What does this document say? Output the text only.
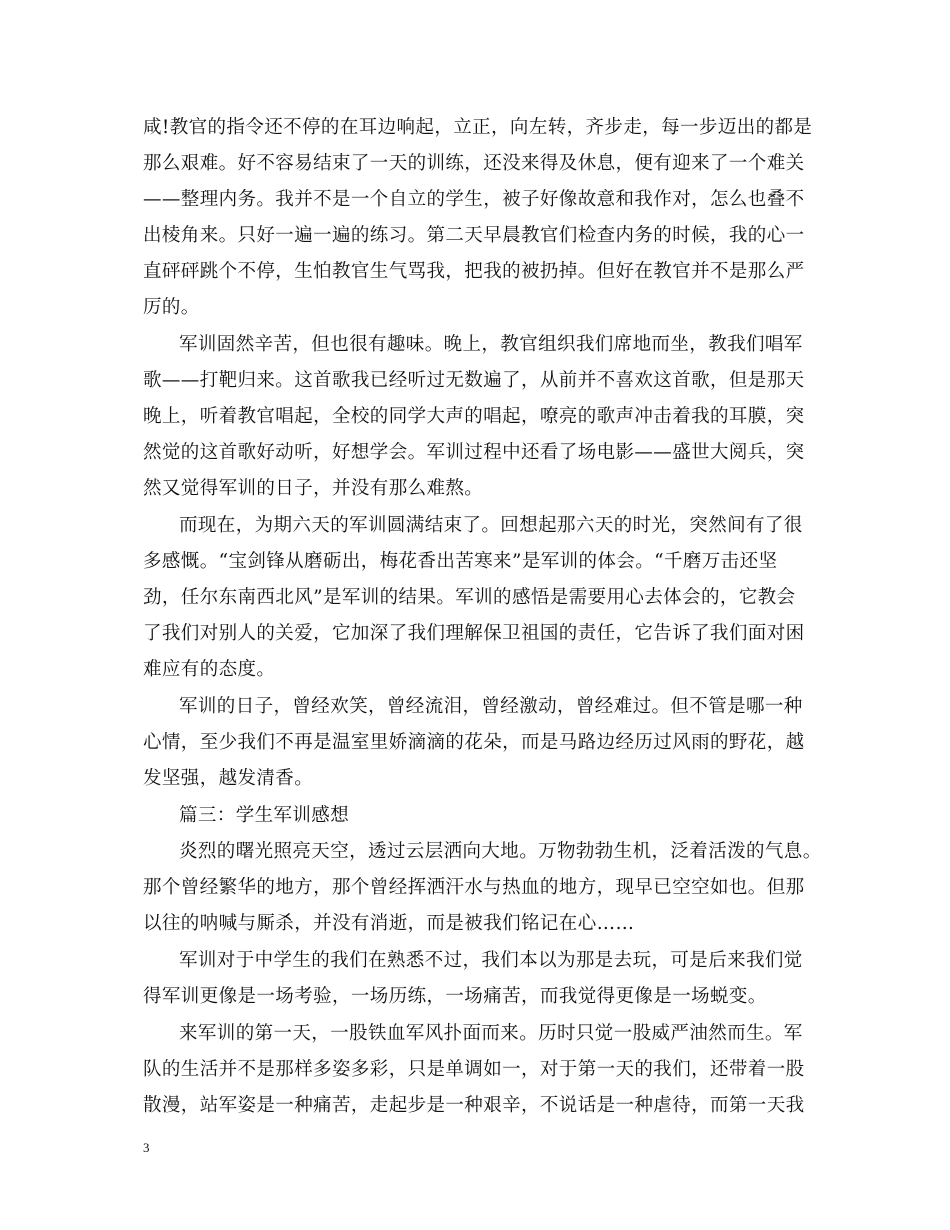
咸!教官的指令还不停的在耳边响起，立正，向左转，齐步走，每一步迈出的都是
那么艰难。好不容易结束了一天的训练，还没来得及休息，便有迎来了一个难关
——整理内务。我并不是一个自立的学生，被子好像故意和我作对，怎么也叠不
出棱角来。只好一遍一遍的练习。第二天早晨教官们检查内务的时候，我的心一
直砰砰跳个不停，生怕教官生气骂我，把我的被扔掉。但好在教官并不是那么严
厉的。
军训固然辛苦，但也很有趣味。晚上，教官组织我们席地而坐，教我们唱军
歌——打靶归来。这首歌我已经听过无数遍了，从前并不喜欢这首歌，但是那天
晚上，听着教官唱起，全校的同学大声的唱起，嘹亮的歌声冲击着我的耳膜，突
然觉的这首歌好动听，好想学会。军训过程中还看了场电影——盛世大阅兵，突
然又觉得军训的日子，并没有那么难熬。
而现在，为期六天的军训圆满结束了。回想起那六天的时光，突然间有了很
多感慨。“宝剑锋从磨砺出，梅花香出苦寒来”是军训的体会。“千磨万击还坚
劲，任尔东南西北风”是军训的结果。军训的感悟是需要用心去体会的，它教会
了我们对别人的关爱，它加深了我们理解保卫祖国的责任，它告诉了我们面对困
难应有的态度。
军训的日子，曾经欢笑，曾经流泪，曾经激动，曾经难过。但不管是哪一种
心情，至少我们不再是温室里娇滴滴的花朵，而是马路边经历过风雨的野花，越
发坚强，越发清香。
篇三：学生军训感想
炎烈的曙光照亮天空，透过云层洒向大地。万物勃勃生机，泛着活泼的气息。
那个曾经繁华的地方，那个曾经挥洒汗水与热血的地方，现早已空空如也。但那
以往的呐喊与厮杀，并没有消逝，而是被我们铭记在心……
军训对于中学生的我们在熟悉不过，我们本以为那是去玩，可是后来我们觉
得军训更像是一场考验，一场历练，一场痛苦，而我觉得更像是一场蜕变。
来军训的第一天，一股铁血军风扑面而来。历时只觉一股威严油然而生。军
队的生活并不是那样多姿多彩，只是单调如一，对于第一天的我们，还带着一股
散漫，站军姿是一种痛苦，走起步是一种艰辛，不说话是一种虐待，而第一天我
3
